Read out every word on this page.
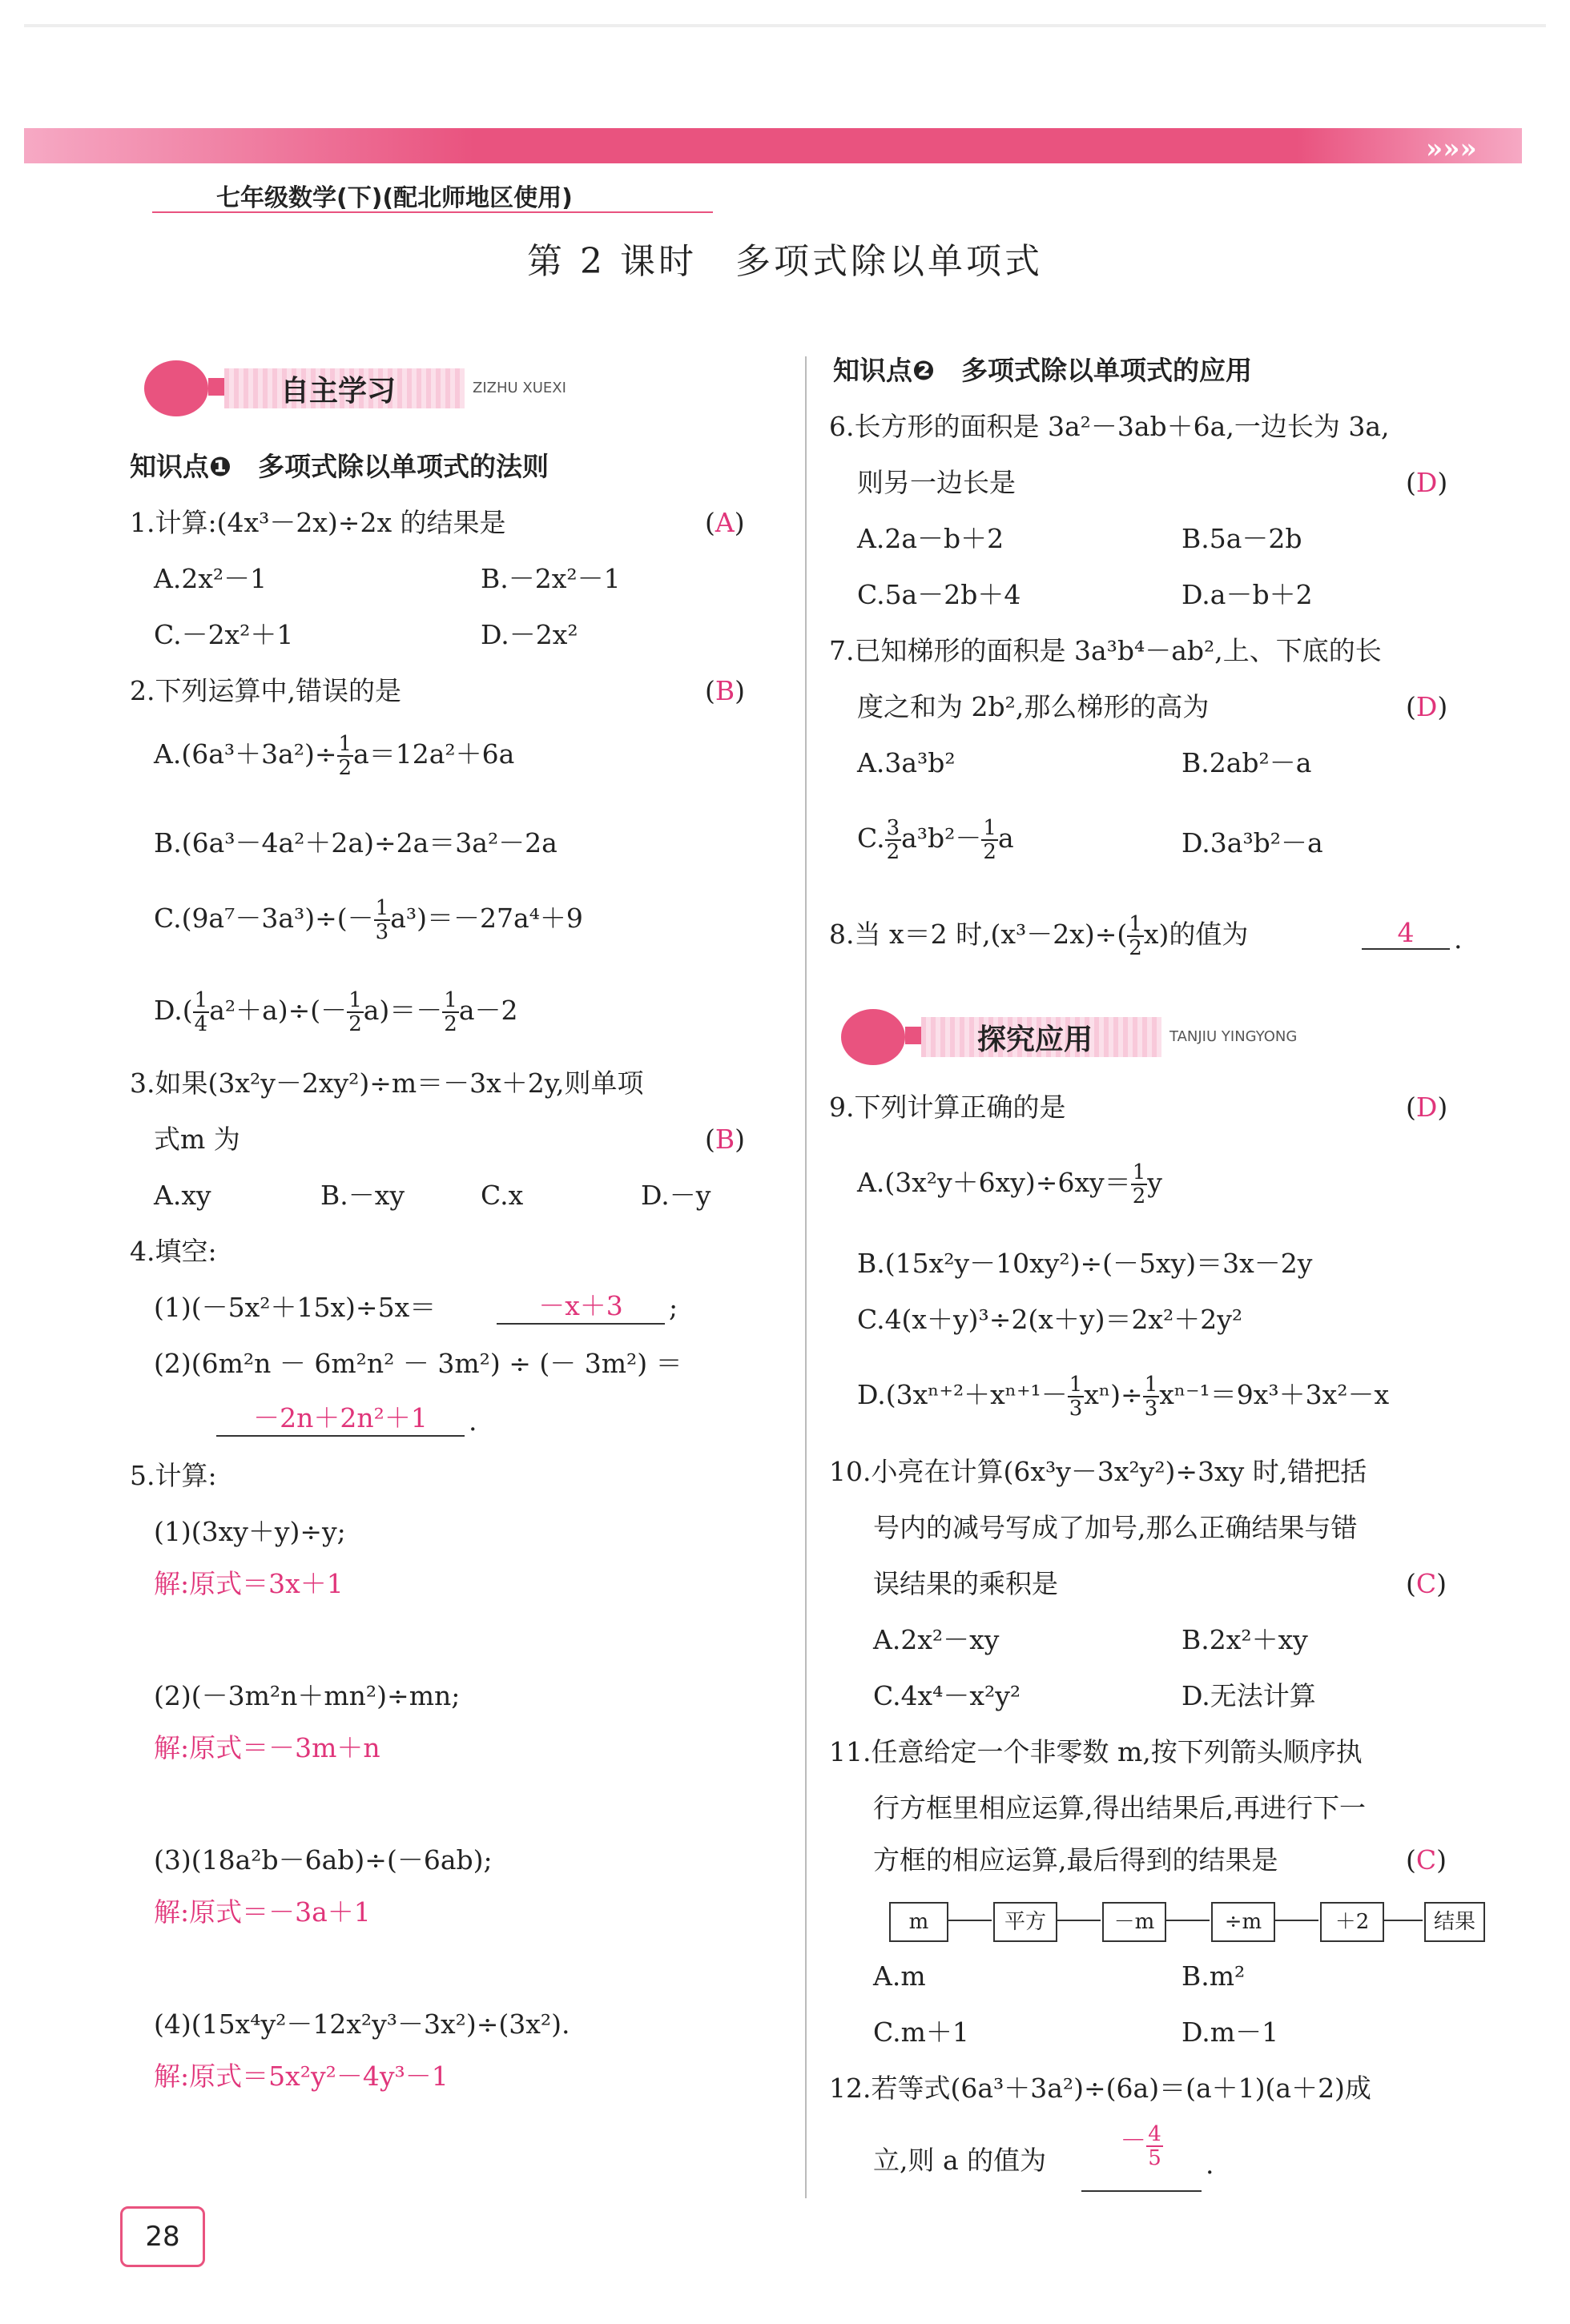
»»»
七年级数学(下)(配北师地区使用)
第 2 课时　多项式除以单项式
自主学习	ZIZHU XUEXI
知识点❶　多项式除以单项式的法则
1.计算:(4x³－2x)÷2x 的结果是	(A)
A.2x²－1	B.－2x²－1
C.－2x²＋1	D.－2x²
2.下列运算中,错误的是	(B)
$A.(6a^3+3a^2)\div \frac{1}{2} a=12a^2+6a$
B.(6a³－4a²＋2a)÷2a＝3a²－2a
$C.(9a^7-3a^3)\div(- \frac{1}{3} a^3)=-27a^4+9$
$D.( \frac{1}{4} a^2+a)\div(- \frac{1}{2} a)=- \frac{1}{2} a-2$
3.如果(3x²y－2xy²)÷m＝－3x＋2y,则单项
式m 为	(B)
A.xy	B.－xy	C.x	D.－y
4.填空:
(1)(－5x²＋15x)÷5x＝	－x＋3	;
(2)(6m²n － 6m²n² － 3m²) ÷ (－ 3m²) ＝
－2n＋2n²＋1	.
5.计算:
(1)(3xy＋y)÷y;
解:原式＝3x＋1
(2)(－3m²n＋mn²)÷mn;
解:原式＝－3m＋n
(3)(18a²b－6ab)÷(－6ab);
解:原式＝－3a＋1
(4)(15x⁴y²－12x²y³－3x²)÷(3x²).
解:原式＝5x²y²－4y³－1
知识点❷　多项式除以单项式的应用
6.长方形的面积是 3a²－3ab＋6a,一边长为 3a,
则另一边长是	(D)
A.2a－b＋2	B.5a－2b
C.5a－2b＋4	D.a－b＋2
7.已知梯形的面积是 3a³b⁴－ab²,上、下底的长
度之和为 2b²,那么梯形的高为	(D)
A.3a³b²	B.2ab²－a
C. $\frac{3}{2} a^3b^2- \frac{1}{2}$ a	D.3a³b²－a
8.当 x＝2 时$,(x^3-2x)\div( \frac{1}{2} x)$的值为	4	.
探究应用	TANJIU YINGYONG
9.下列计算正确的是	(D)
$A.(3x^2y+6xy)\div 6xy= \frac{1}{2}$ y
B.(15x²y－10xy²)÷(－5xy)＝3x－2y
C.4(x＋y)³÷2(x＋y)＝2x²＋2y²
$D.(3x^{n+2}+x^{n+1}- \frac{1}{3} x^n)\div \frac{1}{3} x^{n-1}=9x^3+3x^2-x$
10.小亮在计算(6x³y－3x²y²)÷3xy 时,错把括
号内的减号写成了加号,那么正确结果与错
误结果的乘积是	(C)
A.2x²－xy	B.2x²＋xy
C.4x⁴－x²y²	D.无法计算
11.任意给定一个非零数 m,按下列箭头顺序执
行方框里相应运算,得出结果后,再进行下一
方框的相应运算,最后得到的结果是	(C)
m	平方	－m	÷m	＋2	结果
A.m	B.m²
C.m＋1	D.m－1
12.若等式(6a³＋3a²)÷(6a)＝(a＋1)(a＋2)成
立,则 a 的值为
－ $\frac{4}{5}$ .
28
